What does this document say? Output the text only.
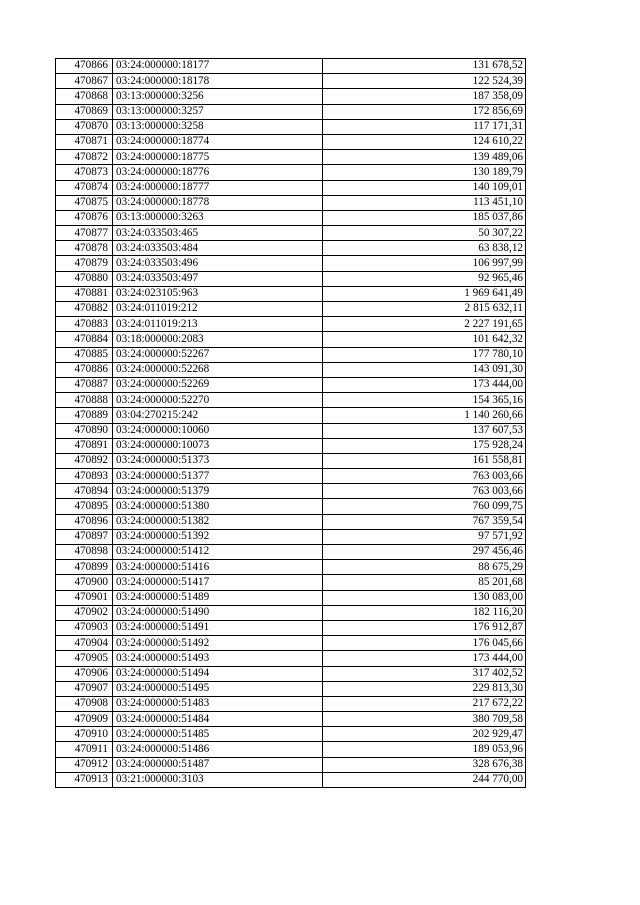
470866	03:24:000000:18177	131 678,52
470867	03:24:000000:18178	122 524,39
470868	03:13:000000:3256	187 358,09
470869	03:13:000000:3257	172 856,69
470870	03:13:000000:3258	117 171,31
470871	03:24:000000:18774	124 610,22
470872	03:24:000000:18775	139 489,06
470873	03:24:000000:18776	130 189,79
470874	03:24:000000:18777	140 109,01
470875	03:24:000000:18778	113 451,10
470876	03:13:000000:3263	185 037,86
470877	03:24:033503:465	50 307,22
470878	03:24:033503:484	63 838,12
470879	03:24:033503:496	106 997,99
470880	03:24:033503:497	92 965,46
470881	03:24:023105:963	1 969 641,49
470882	03:24:011019:212	2 815 632,11
470883	03:24:011019:213	2 227 191,65
470884	03:18:000000:2083	101 642,32
470885	03:24:000000:52267	177 780,10
470886	03:24:000000:52268	143 091,30
470887	03:24:000000:52269	173 444,00
470888	03:24:000000:52270	154 365,16
470889	03:04:270215:242	1 140 260,66
470890	03:24:000000:10060	137 607,53
470891	03:24:000000:10073	175 928,24
470892	03:24:000000:51373	161 558,81
470893	03:24:000000:51377	763 003,66
470894	03:24:000000:51379	763 003,66
470895	03:24:000000:51380	760 099,75
470896	03:24:000000:51382	767 359,54
470897	03:24:000000:51392	97 571,92
470898	03:24:000000:51412	297 456,46
470899	03:24:000000:51416	88 675,29
470900	03:24:000000:51417	85 201,68
470901	03:24:000000:51489	130 083,00
470902	03:24:000000:51490	182 116,20
470903	03:24:000000:51491	176 912,87
470904	03:24:000000:51492	176 045,66
470905	03:24:000000:51493	173 444,00
470906	03:24:000000:51494	317 402,52
470907	03:24:000000:51495	229 813,30
470908	03:24:000000:51483	217 672,22
470909	03:24:000000:51484	380 709,58
470910	03:24:000000:51485	202 929,47
470911	03:24:000000:51486	189 053,96
470912	03:24:000000:51487	328 676,38
470913	03:21:000000:3103	244 770,00
